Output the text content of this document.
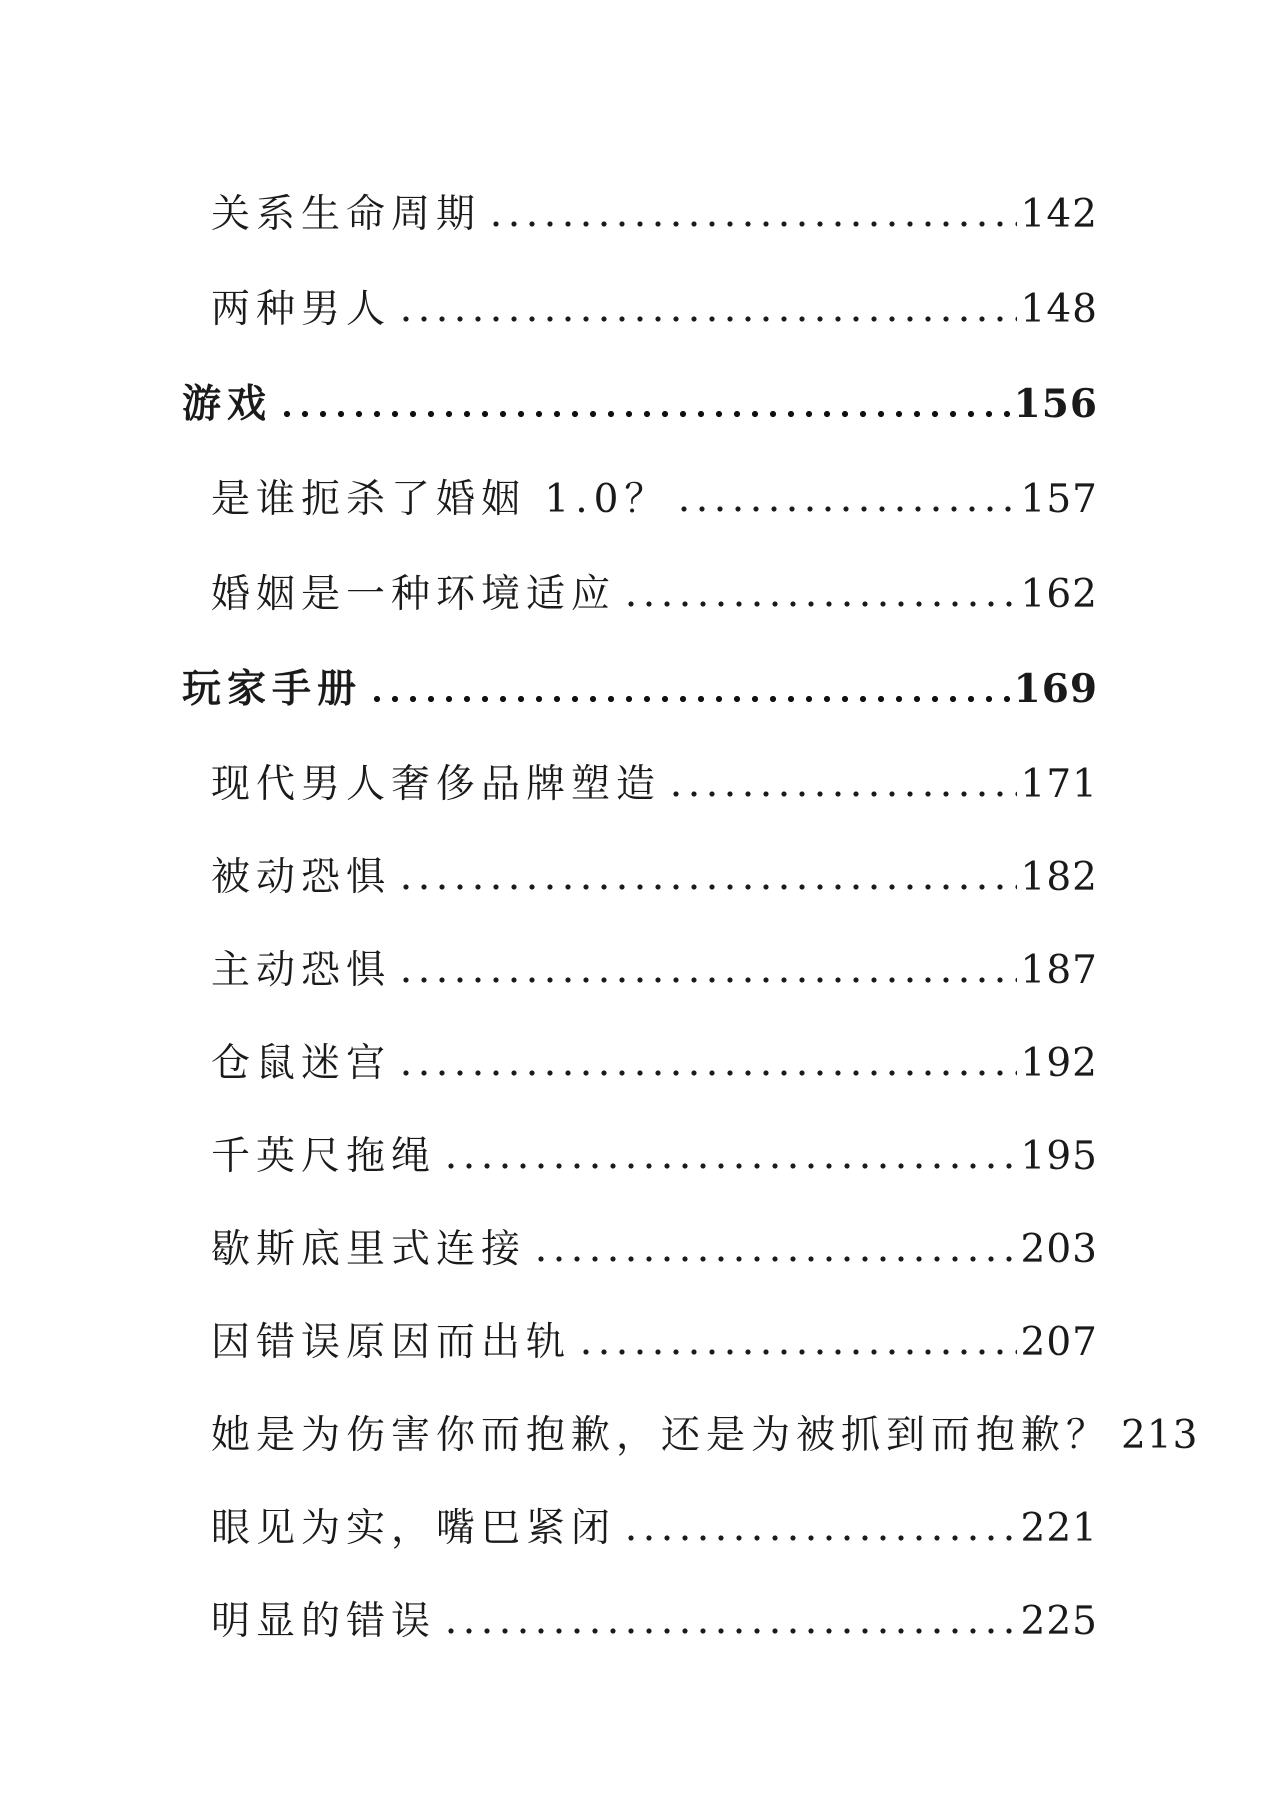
关系生命周期	142
两种男人	148
游戏	156
是谁扼杀了婚姻 1.0？	157
婚姻是一种环境适应	162
玩家手册	169
现代男人奢侈品牌塑造	171
被动恐惧	182
主动恐惧	187
仓鼠迷宫	192
千英尺拖绳	195
歇斯底里式连接	203
因错误原因而出轨	207
她是为伤害你而抱歉，还是为被抓到而抱歉？ 213
眼见为实，嘴巴紧闭	221
明显的错误	225
